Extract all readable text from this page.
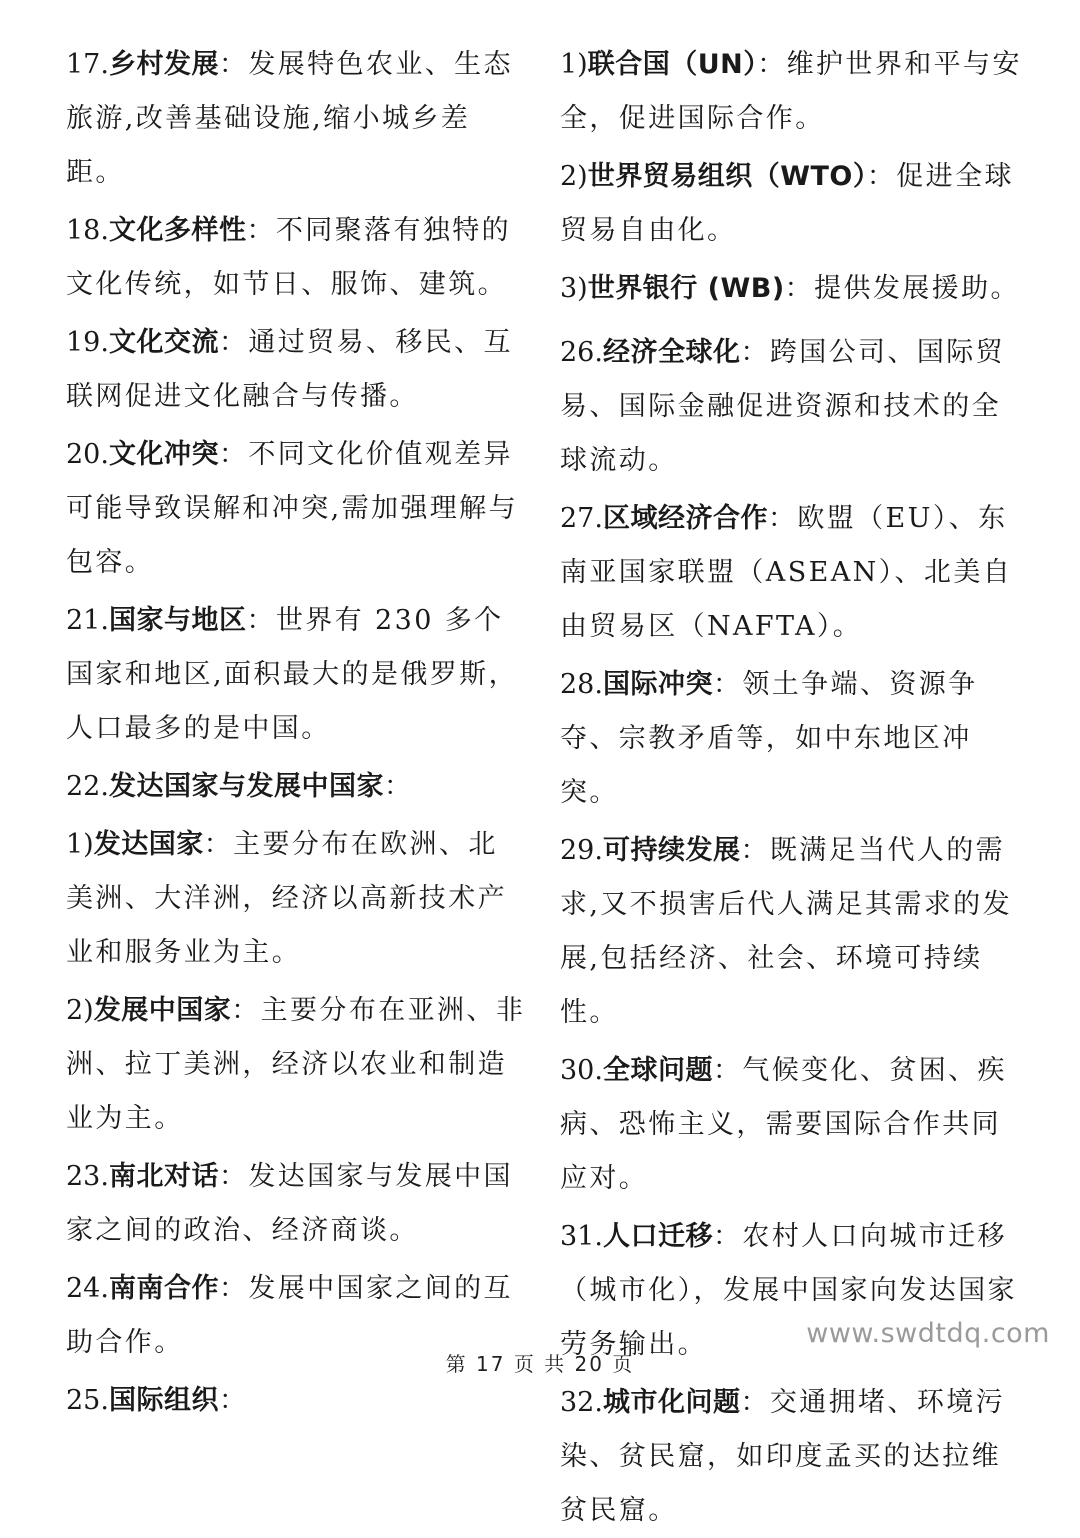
17.乡村发展：发展特色农业、生态旅游,改善基础设施,缩小城乡差距。

18.文化多样性：不同聚落有独特的文化传统，如节日、服饰、建筑。

19.文化交流：通过贸易、移民、互联网促进文化融合与传播。

20.文化冲突：不同文化价值观差异可能导致误解和冲突,需加强理解与包容。

21.国家与地区：世界有 230 多个国家和地区,面积最大的是俄罗斯，人口最多的是中国。

22.发达国家与发展中国家：

1)发达国家：主要分布在欧洲、北美洲、大洋洲，经济以高新技术产业和服务业为主。

2)发展中国家：主要分布在亚洲、非洲、拉丁美洲，经济以农业和制造业为主。

23.南北对话：发达国家与发展中国家之间的政治、经济商谈。

24.南南合作：发展中国家之间的互助合作。

25.国际组织：

1)联合国（UN）：维护世界和平与安全，促进国际合作。

2)世界贸易组织（WTO）：促进全球贸易自由化。

3)世界银行 (WB)：提供发展援助。

26.经济全球化：跨国公司、国际贸易、国际金融促进资源和技术的全球流动。

27.区域经济合作：欧盟（EU）、东南亚国家联盟（ASEAN）、北美自由贸易区（NAFTA）。

28.国际冲突：领土争端、资源争夺、宗教矛盾等，如中东地区冲突。

29.可持续发展：既满足当代人的需求,又不损害后代人满足其需求的发展,包括经济、社会、环境可持续性。

30.全球问题：气候变化、贫困、疾病、恐怖主义，需要国际合作共同应对。

31.人口迁移：农村人口向城市迁移（城市化），发展中国家向发达国家劳务输出。

32.城市化问题：交通拥堵、环境污染、贫民窟，如印度孟买的达拉维贫民窟。

www.swdtdq.com
第 17 页 共 20 页
